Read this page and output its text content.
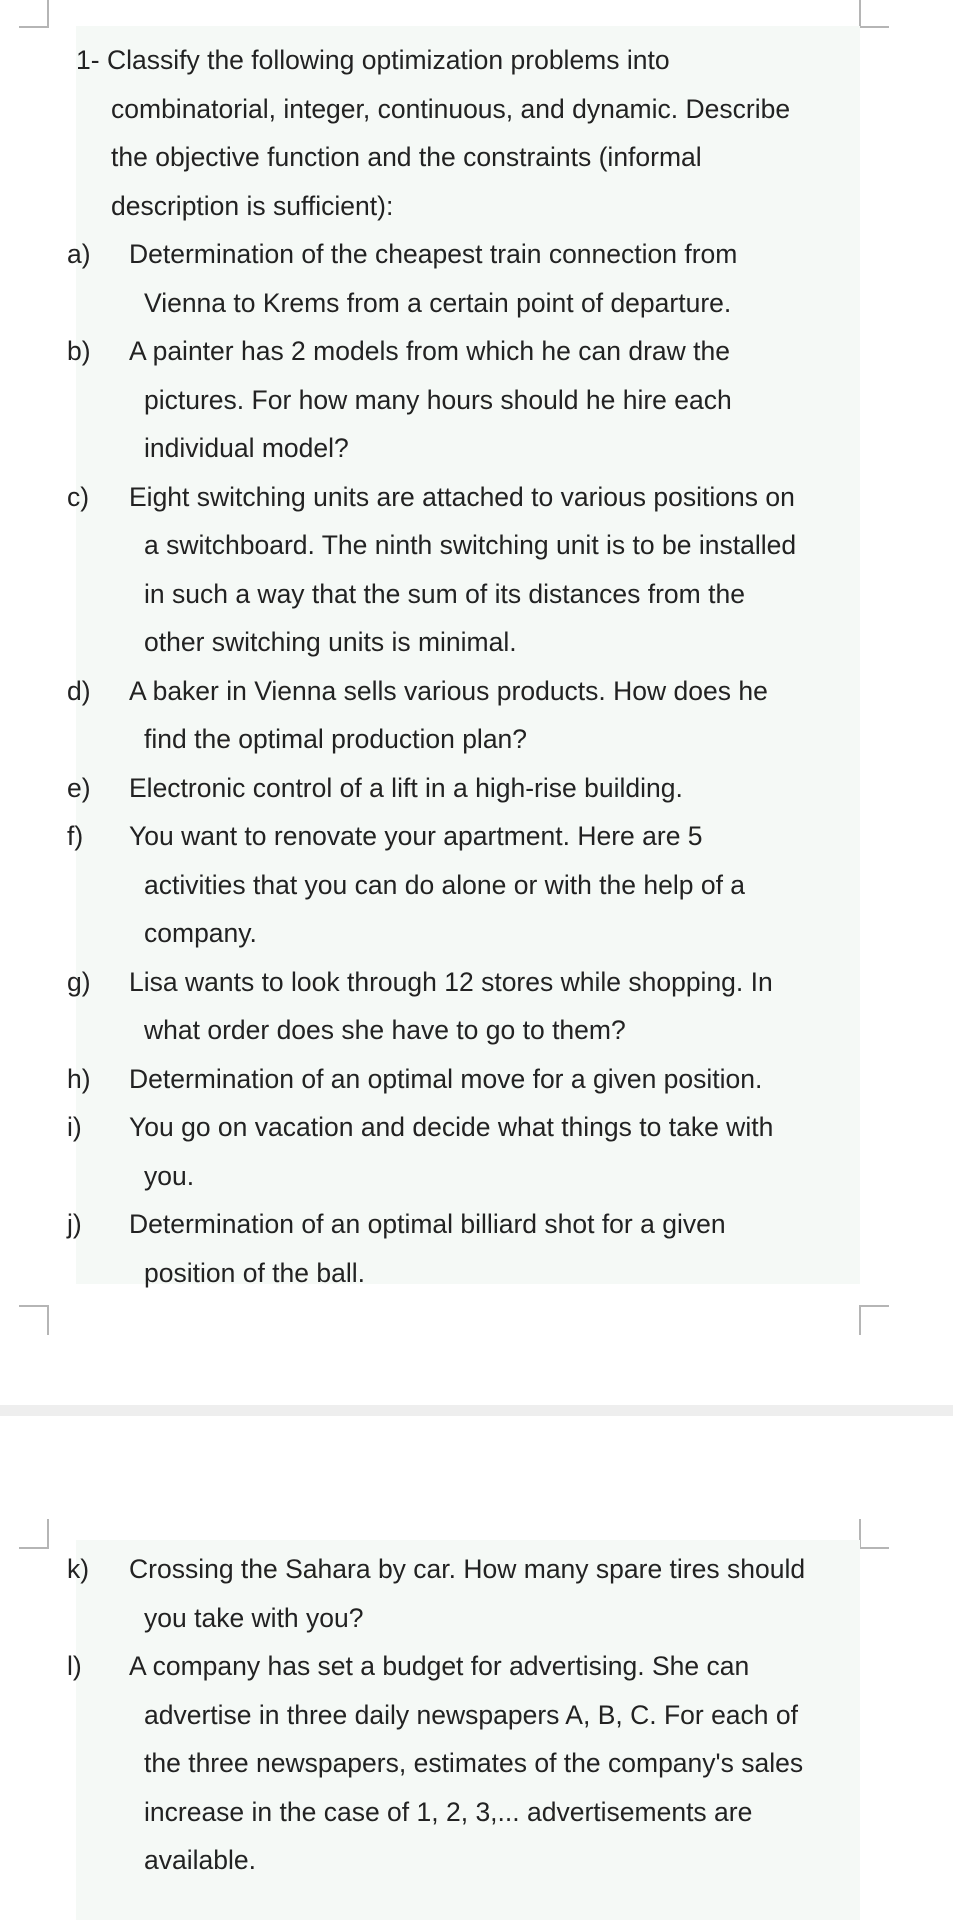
1- Classify the following optimization problems into
combinatorial, integer, continuous, and dynamic. Describe
the objective function and the constraints (informal
description is sufficient):
a)	Determination of the cheapest train connection from
Vienna to Krems from a certain point of departure.
b)	A painter has 2 models from which he can draw the
pictures. For how many hours should he hire each
individual model?
c)	Eight switching units are attached to various positions on
a switchboard. The ninth switching unit is to be installed
in such a way that the sum of its distances from the
other switching units is minimal.
d)	A baker in Vienna sells various products. How does he
find the optimal production plan?
e)	Electronic control of a lift in a high-rise building.
f)	You want to renovate your apartment. Here are 5
activities that you can do alone or with the help of a
company.
g)	Lisa wants to look through 12 stores while shopping. In
what order does she have to go to them?
h)	Determination of an optimal move for a given position.
i)	You go on vacation and decide what things to take with
you.
j)	Determination of an optimal billiard shot for a given
position of the ball.
k)	Crossing the Sahara by car. How many spare tires should
you take with you?
l)	A company has set a budget for advertising. She can
advertise in three daily newspapers A, B, C. For each of
the three newspapers, estimates of the company's sales
increase in the case of 1, 2, 3,... advertisements are
available.
